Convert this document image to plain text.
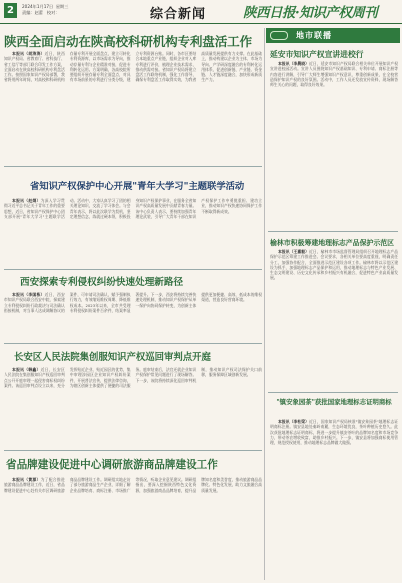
2	2024年1月17日  星期三
责编：赵蕾   校对：	综合新闻	陕西日报·知识产权周刊
陕西全面启动在陕高校科研机构专利盘活工作

本报讯（胡涛涛）近日，陕西知识产权局、省教育厅、省科技厅、省工信厅等部门联合印发工作方案，全面启动在陕高校科研机构专利盘活工作。按照国家知识产权局部署，我省将用两年时间，对高校和科研机构存量专利开展全面盘点，建立可转化专利资源库，以市场需求为导向，推动存量专利与企业精准对接，促进专利转化运用。方案明确，各高校院所要组织开展存量专利全面盘点，对具有市场前景的专利进行分类分级，建立专利资源台账。同时，各市区要结合本地重点产业链，组织企业对入库专利进行评价，梳理企业技术需求，推动供需对接。省知识产权局将建立盘活工作联络机制，强化工作督导，确保专利盘活工作取得实效，为我省高质量发展提供有力支撑。在此基础上，推动构建以企业为主体、市场为导向、产学研深度融合的专利转化运用体系，促进创新链、产业链、资金链、人才链深度融合，加快形成新质生产力。

省知识产权保护中心开展"青年大学习"主题联学活动

本报讯（赵炯）为深入学习贯彻习近平总书记关于青年工作的重要思想，近日，省知识产权保护中心团支部开展"青年大学习"主题联学活动。活动中，大家认真学习了团的相关理论知识，交流了学习体会。与会青年表示，将以此次联学为契机，坚定理想信念，练就过硬本领，积极投身知识产权保护事业，在服务全省知识产权高质量发展中贡献青春力量。该中心负责人表示，要持续加强青年理论武装，引导广大青年干部在知识产权保护工作中勇挑重担、建功立业，推动知识产权快速协同保护工作不断取得新成效。

西安探索专利侵权纠纷快速处理新路径

本报讯（李国栋）近日，西安市知识产权局联合西安中院，探索建立专利侵权纠纷行政裁决与司法确认衔接机制，对当事人达成调解协议的案件，可申请司法确认，赋予强制执行效力，有效缩短维权周期、降低维权成本。2023年以来，全市共受理专利侵权纠纷案件百余件，结案率显著提升。下一步，西安将持续完善快速处理机制，推动知识产权保护从单一保护向协同保护转变，为创新主体提供更加便捷、高效、低成本的维权渠道，营造良好营商环境。

长安区人民法院集创服知识产权巡回审判点开庭

本报讯（韩鑫）近日，长安区人民法院在集创服知识产权巡回审判点公开开庭审理一起侵害商标权纠纷案件。该巡回审判点设立以来，充分发挥贴近企业、贴近园区的优势，集中审理涉园区企业知识产权纠纷案件，开展普法宣传，提供法律咨询，为辖区创新主体提供了便捷的司法服务。庭审结束后，法官还就企业知识产权保护常见问题进行了现场解答。下一步，该院将持续深化巡回审判机制，推动知识产权司法保护关口前移，服务保障区域创新发展。

省品牌建设促进中心调研旅游商品牌建设工作

本报讯（黄源）为了配合推进旅游商品品牌建设工作，近日，省品牌建设促进中心赴有关市区调研旅游商品品牌建设工作。调研组实地走访了部分旅游商品生产企业，详细了解企业品牌培育、商标注册、市场推广等情况，听取企业意见建议。调研组指出，要深入挖掘陕西特色文化资源，加强旅游商品品牌培育，提升品牌知名度和美誉度，推动旅游商品品牌化、特色化发展，助力文旅融合高质量发展。

地市联播
延安市知识产权宣讲进校行

本报讯（李晨晓）近日，延安市知识产权局联合相关单位开展知识产权宣讲进校园活动。宣讲人员围绕知识产权基础知识、专利申请、商标注册等内容进行讲解，引导广大师生增强知识产权意识，尊重创新成果，在全校营造保护知识产权的良好氛围。活动中，工作人员还发放宣传资料，现场解答师生关心的问题，取得良好效果。

榆林市积极筹建地理标志产品保护示范区

本报讯（王嘉毅）近日，榆林市市场监督管理局组织召开地理标志产品保护示范区筹建工作推进会。会议要求，各相关单位要高度重视，明确责任分工，加强协作配合，全面推进示范区建设各项工作。榆林市将以示范区建设为抓手，加强地理标志产品保护和运用，推动地理标志与特色产业发展、生态文明建设、历史文化传承和乡村振兴有机融合，促进特色产业高质量发展。

"镇安象园茶"获批国家地理标志证明商标

本报讯（李杜梁）近日，国家知识产权局核准"镇安象园茶"地理标志证明商标注册。镇安县地处秦岭南麓，生态环境优良，茶叶种植历史悠久。此次获批地理标志证明商标，将进一步提升镇安茶叶的品牌知名度和市场竞争力，带动茶农增收致富，助推乡村振兴。下一步，镇安县将加强商标使用管理，规范授权使用，推动地理标志品牌做大做强。
